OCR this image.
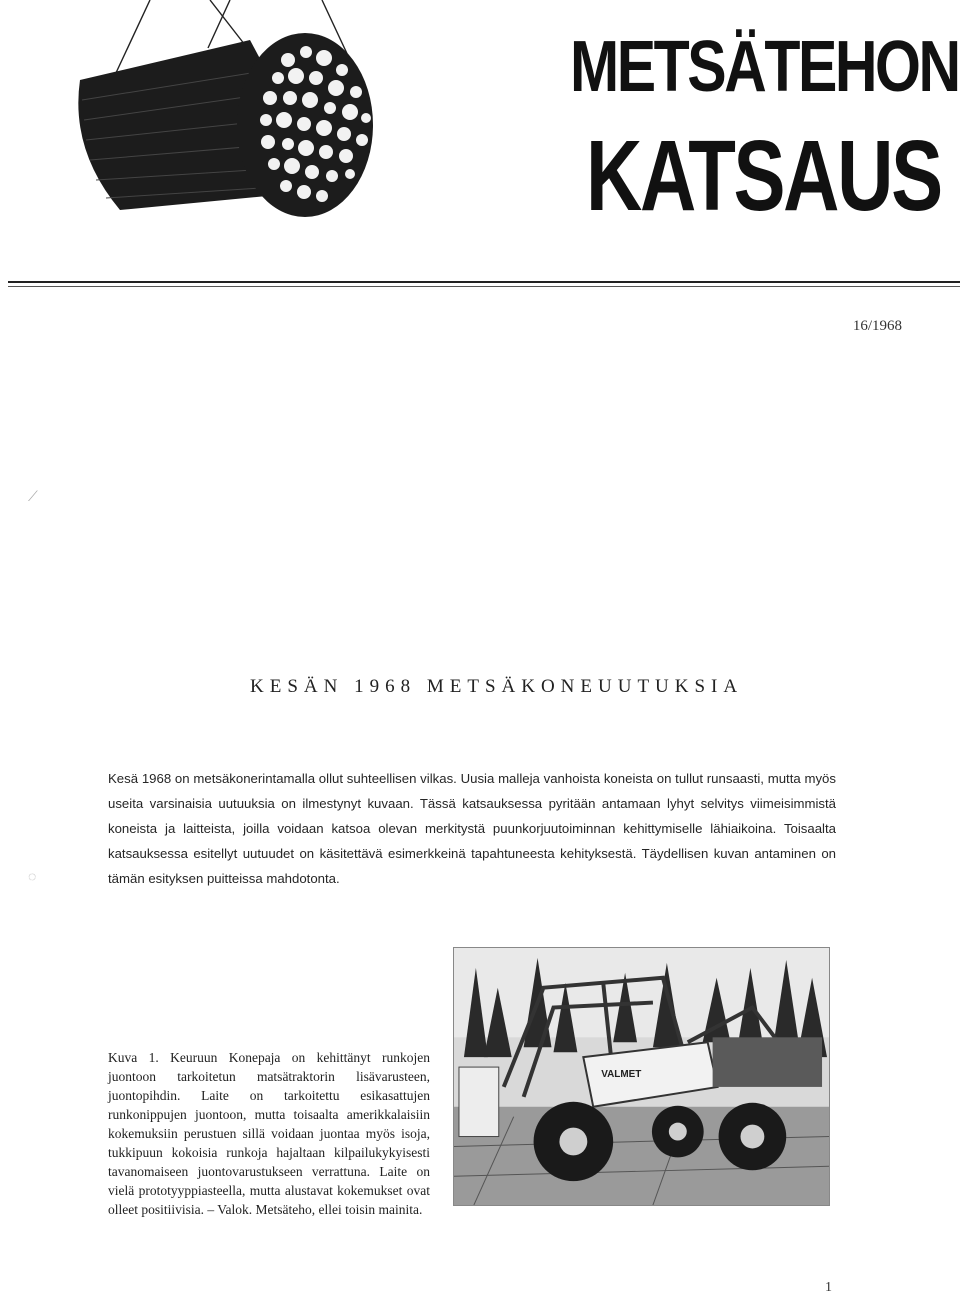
METSÄTEHON
KATSAUS
16/1968
⟋
◌
KESÄN 1968 METSÄKONEUUTUKSIA
Kesä 1968 on metsäkonerintamalla ollut suhteellisen vilkas. Uusia malleja vanhoista koneista on tullut runsaasti, mutta myös useita varsinaisia uutuuksia on ilmestynyt kuvaan. Tässä katsauksessa pyritään antamaan lyhyt selvitys viimeisimmistä koneista ja laitteista, joilla voidaan katsoa olevan merkitystä puunkorjuutoiminnan kehittymiselle lähiaikoina. Toisaalta katsauksessa esitellyt uutuudet on käsitettävä esimerkkeinä tapahtuneesta kehityksestä. Täydellisen kuvan antaminen on tämän esityksen puitteissa mahdotonta.
Kuva 1. Keuruun Konepaja on kehittänyt runkojen juontoon tarkoitetun matsätraktorin lisävarusteen, juontopihdin. Laite on tarkoitettu esikasattujen runkonippujen juontoon, mutta toisaalta amerikkalaisiin kokemuksiin perustuen sillä voidaan juontaa myös isoja, tukkipuun kokoisia runkoja hajaltaan kilpailukykyisesti tavanomaiseen juontovarustukseen verrattuna. Laite on vielä prototyyppiasteella, mutta alustavat kokemukset ovat olleet positiivisia. – Valok. Metsäteho, ellei toisin mainita.
VALMET
1
